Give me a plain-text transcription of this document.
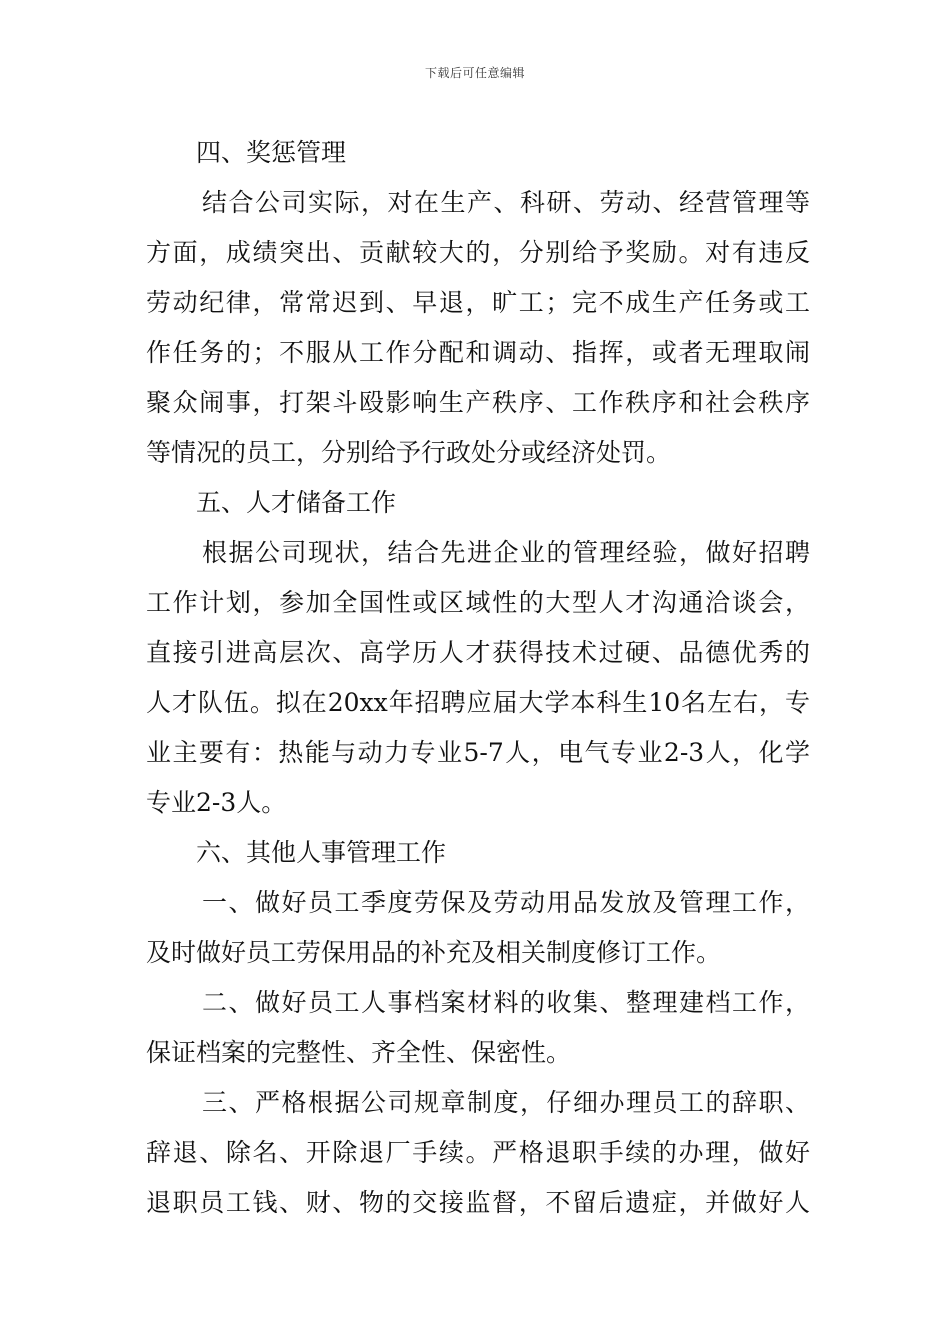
下载后可任意编辑
四、奖惩管理
结合公司实际，对在生产、科研、劳动、经营管理等
方面，成绩突出、贡献较大的，分别给予奖励。对有违反
劳动纪律，常常迟到、早退，旷工；完不成生产任务或工
作任务的；不服从工作分配和调动、指挥，或者无理取闹
聚众闹事，打架斗殴影响生产秩序、工作秩序和社会秩序
等情况的员工，分别给予行政处分或经济处罚。
五、人才储备工作
根据公司现状，结合先进企业的管理经验，做好招聘
工作计划，参加全国性或区域性的大型人才沟通洽谈会，
直接引进高层次、高学历人才获得技术过硬、品德优秀的
人才队伍。拟在20xx年招聘应届大学本科生10名左右，专
业主要有：热能与动力专业5-7人，电气专业2-3人，化学
专业2-3人。
六、其他人事管理工作
一、做好员工季度劳保及劳动用品发放及管理工作，
及时做好员工劳保用品的补充及相关制度修订工作。
二、做好员工人事档案材料的收集、整理建档工作，
保证档案的完整性、齐全性、保密性。
三、严格根据公司规章制度，仔细办理员工的辞职、
辞退、除名、开除退厂手续。严格退职手续的办理，做好
退职员工钱、财、物的交接监督，不留后遗症，并做好人
